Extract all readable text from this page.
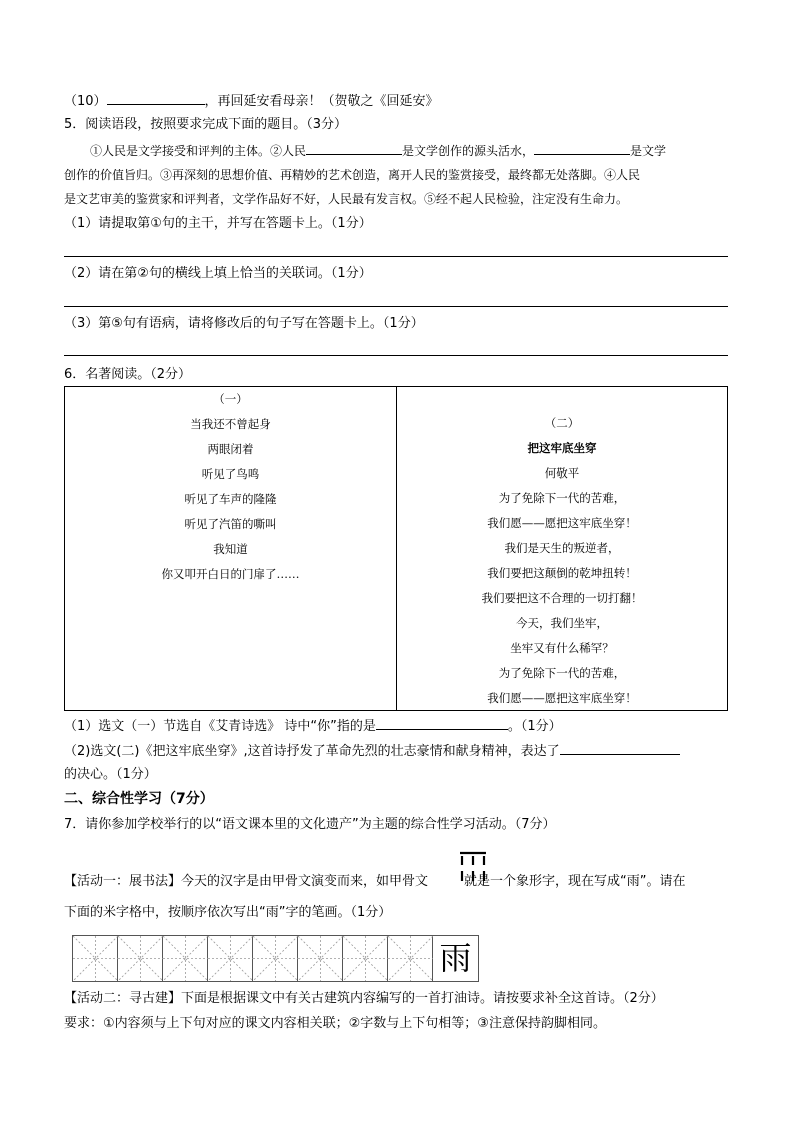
（10）	，再回延安看母亲！（贺敬之《回延安》
5．阅读语段，按照要求完成下面的题目。（3分）
①人民是文学接受和评判的主体。②人民	是文学创作的源头活水，	是文学
创作的价值旨归。③再深刻的思想价值、再精妙的艺术创造，离开人民的鉴赏接受，最终都无处落脚。④人民
是文艺审美的鉴赏家和评判者，文学作品好不好，人民最有发言权。⑤经不起人民检验，注定没有生命力。
（1）请提取第①句的主干，并写在答题卡上。（1分）
（2）请在第②句的横线上填上恰当的关联词。（1分）
（3）第⑤句有语病，请将修改后的句子写在答题卡上。（1分）
6．名著阅读。（2分）
（一）
当我还不曾起身
两眼闭着
听见了鸟鸣
听见了车声的隆隆
听见了汽笛的嘶叫
我知道
你又叩开白日的门扉了……
（二）
把这牢底坐穿
何敬平
为了免除下一代的苦难，
我们愿——愿把这牢底坐穿！
我们是天生的叛逆者，
我们要把这颠倒的乾坤扭转！
我们要把这不合理的一切打翻！
今天，我们坐牢，
坐牢又有什么稀罕？
为了免除下一代的苦难，
我们愿——愿把这牢底坐穿！
（1）选文（一）节选自《艾青诗选》 诗中“你”指的是	。（1分）
（2)选文(二)《把这牢底坐穿》,这首诗抒发了革命先烈的壮志豪情和献身精神，表达了
的决心。（1分）
二、综合性学习（7分）
7．请你参加学校举行的以“语文课本里的文化遗产”为主题的综合性学习活动。（7分）
【活动一：展书法】今天的汉字是由甲骨文演变而来，如甲骨文	就是一个象形字，现在写成“雨”。请在
下面的米字格中，按顺序依次写出“雨”字的笔画。（1分）
雨
【活动二：寻古建】下面是根据课文中有关古建筑内容编写的一首打油诗。请按要求补全这首诗。（2分）
要求：①内容须与上下句对应的课文内容相关联；②字数与上下句相等；③注意保持韵脚相同。
